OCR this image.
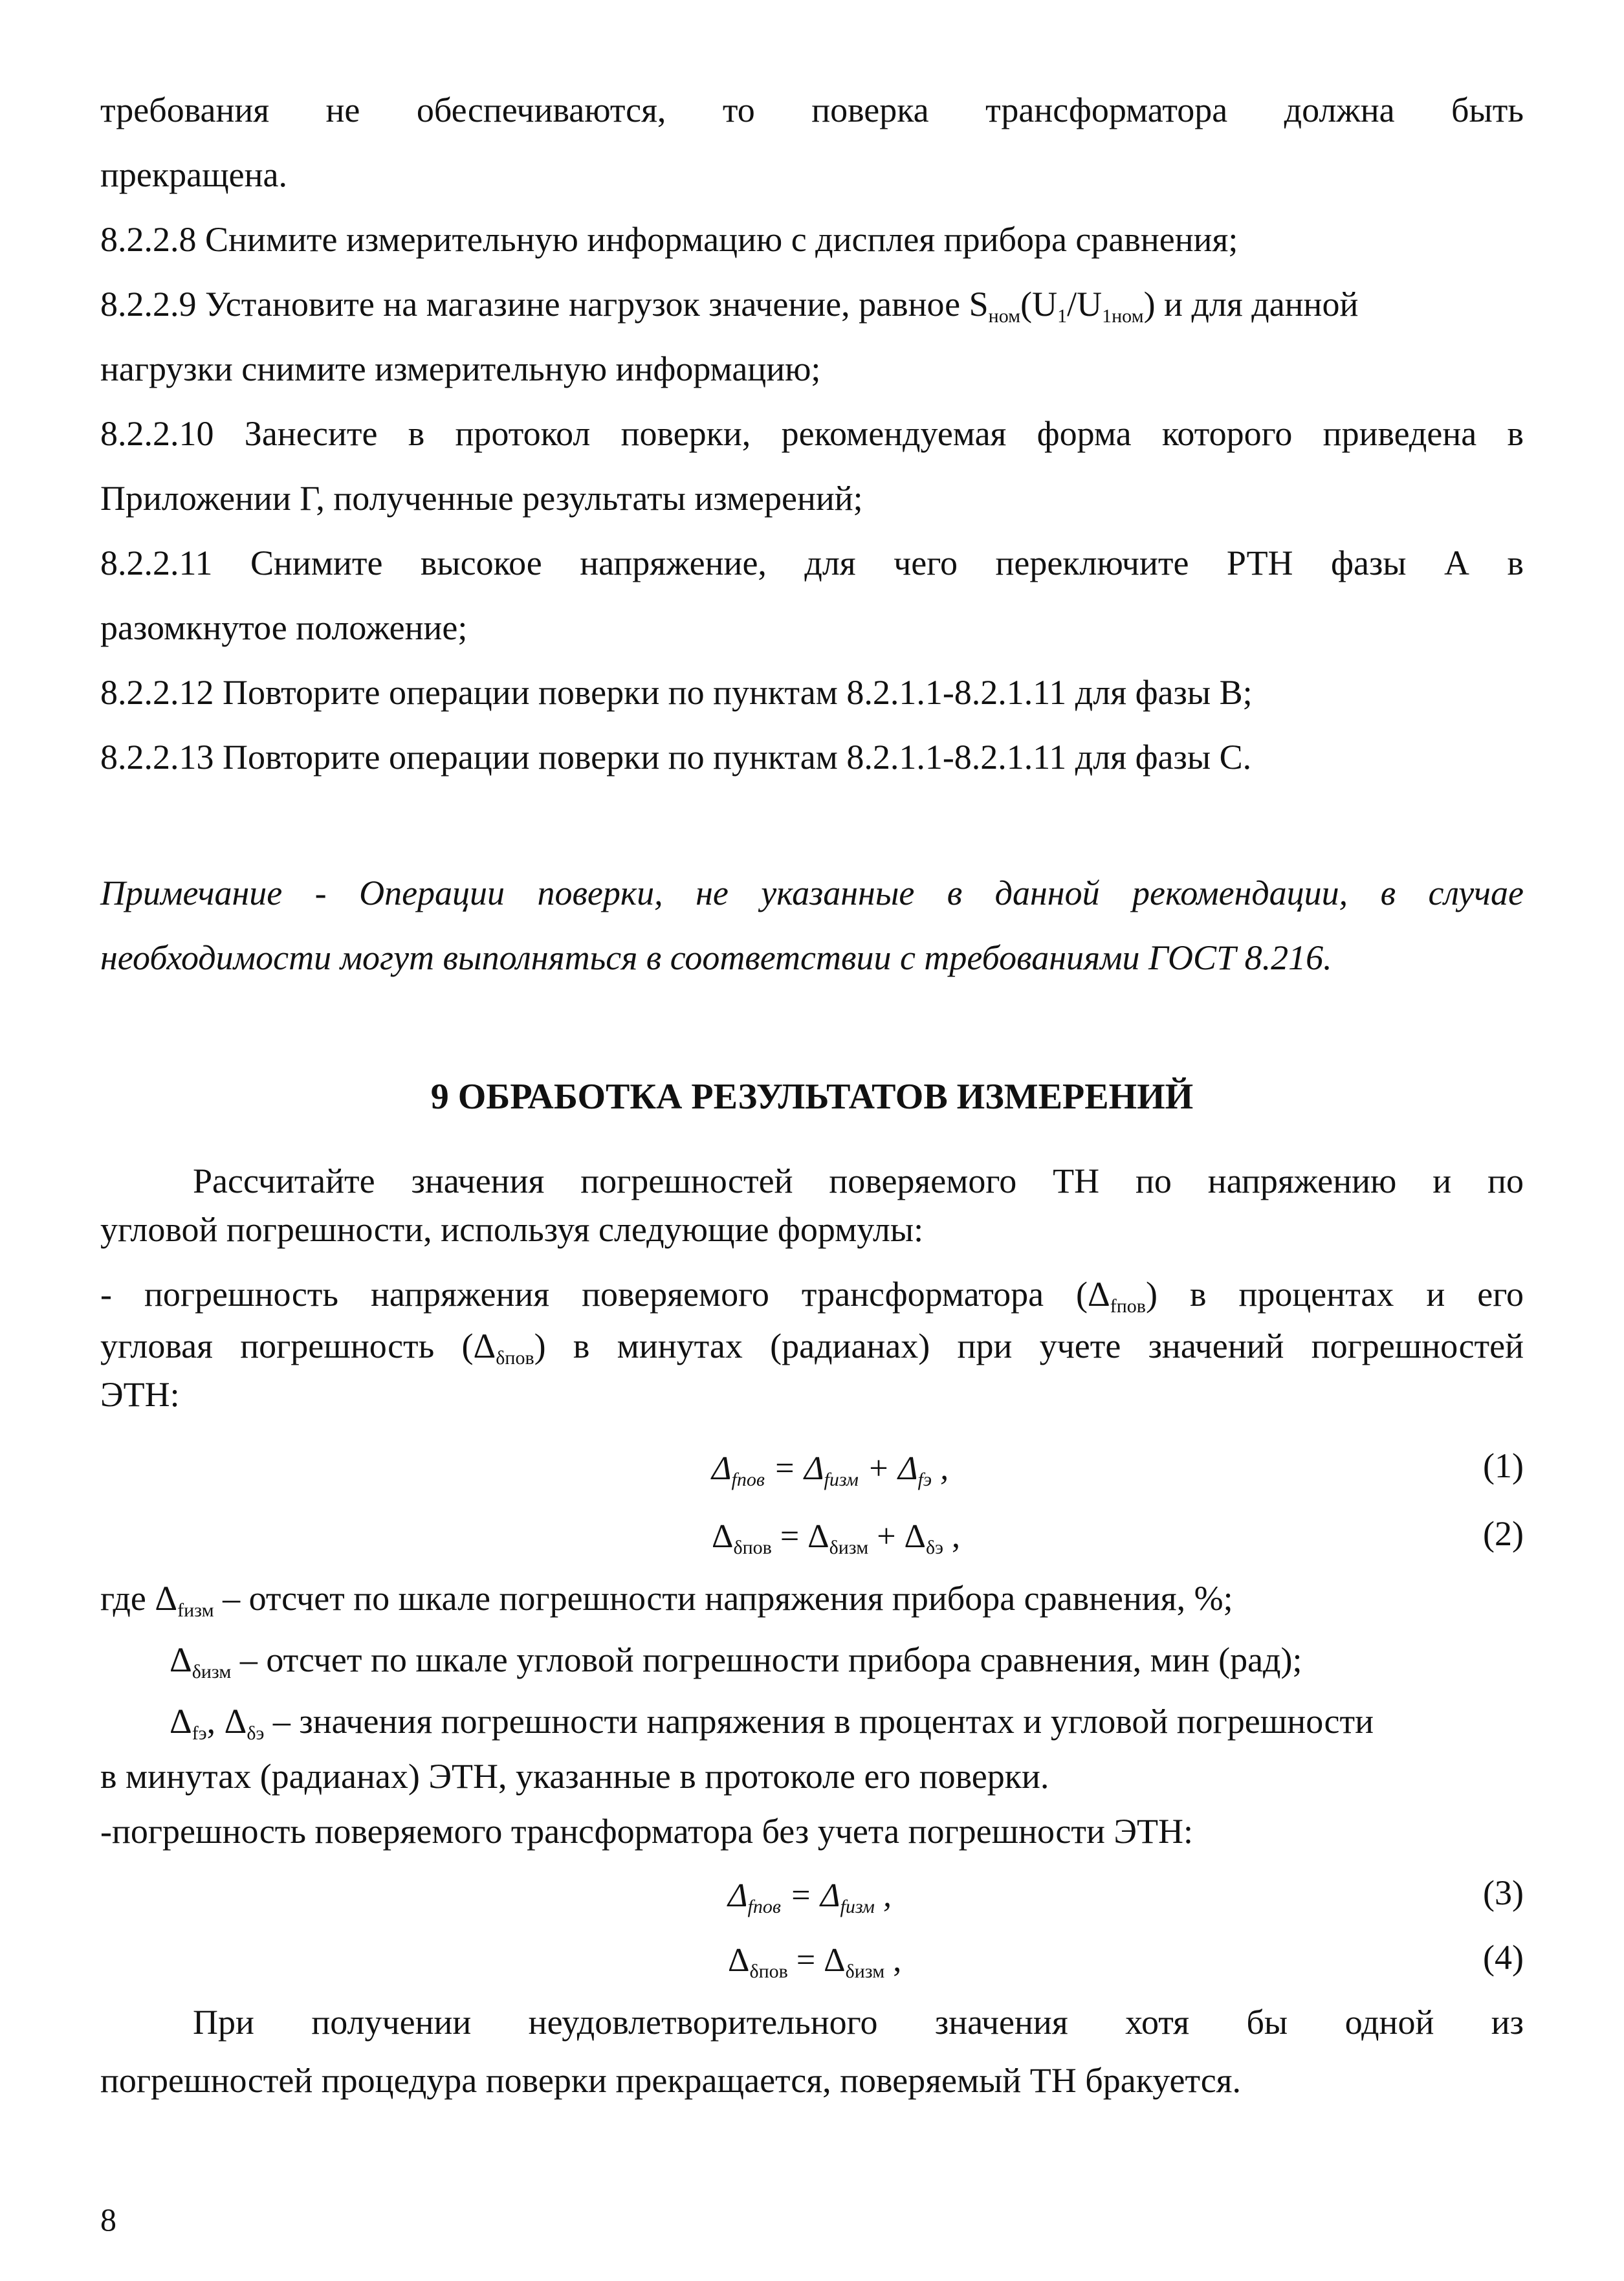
требования не обеспечиваются, то поверка трансформатора должна быть
прекращена.
8.2.2.8 Снимите измерительную информацию с дисплея прибора сравнения;
8.2.2.9 Установите на магазине нагрузок значение, равное $S_{ном}(U_1/U_{1ном})$ и для данной
нагрузки снимите измерительную информацию;
8.2.2.10 Занесите в протокол поверки, рекомендуемая форма которого приведена в
Приложении Г, полученные результаты измерений;
8.2.2.11 Снимите высокое напряжение, для чего переключите РТН фазы А в
разомкнутое положение;
8.2.2.12 Повторите операции поверки по пунктам 8.2.1.1-8.2.1.11 для фазы В;
8.2.2.13 Повторите операции поверки по пунктам 8.2.1.1-8.2.1.11 для фазы С.
Примечание - Операции поверки, не указанные в данной рекомендации, в случае
необходимости могут выполняться в соответствии с требованиями ГОСТ 8.216.
9 ОБРАБОТКА РЕЗУЛЬТАТОВ ИЗМЕРЕНИЙ
Рассчитайте значения погрешностей поверяемого ТН по напряжению и по
угловой погрешности, используя следующие формулы:
- погрешность напряжения поверяемого трансформатора $(\Delta_{fпов})$ в процентах и его
угловая погрешность $(\Delta_{\delta пов})$ в минутах (радианах) при учете значений погрешностей
ЭТН:
$\Delta_{fпов} = \Delta_{fизм} + \Delta_{fэ}$ ,	(1)
$\Delta_{\delta пов} = \Delta_{\delta изм} + \Delta_{\delta э}$ ,	(2)
где $\Delta_{fизм}$ – отсчет по шкале погрешности напряжения прибора сравнения, %;
$\Delta_{\delta изм}$ – отсчет по шкале угловой погрешности прибора сравнения, мин (рад);
$\Delta_{fэ}$, $\Delta_{\delta э}$ – значения погрешности напряжения в процентах и угловой погрешности
в минутах (радианах) ЭТН, указанные в протоколе его поверки.
-погрешность поверяемого трансформатора без учета погрешности ЭТН:
$\Delta_{fпов} = \Delta_{fизм}$ ,	(3)
$\Delta_{\delta пов} = \Delta_{\delta изм}$ ,	(4)
При получении неудовлетворительного значения хотя бы одной из
погрешностей процедура поверки прекращается, поверяемый ТН бракуется.
8
